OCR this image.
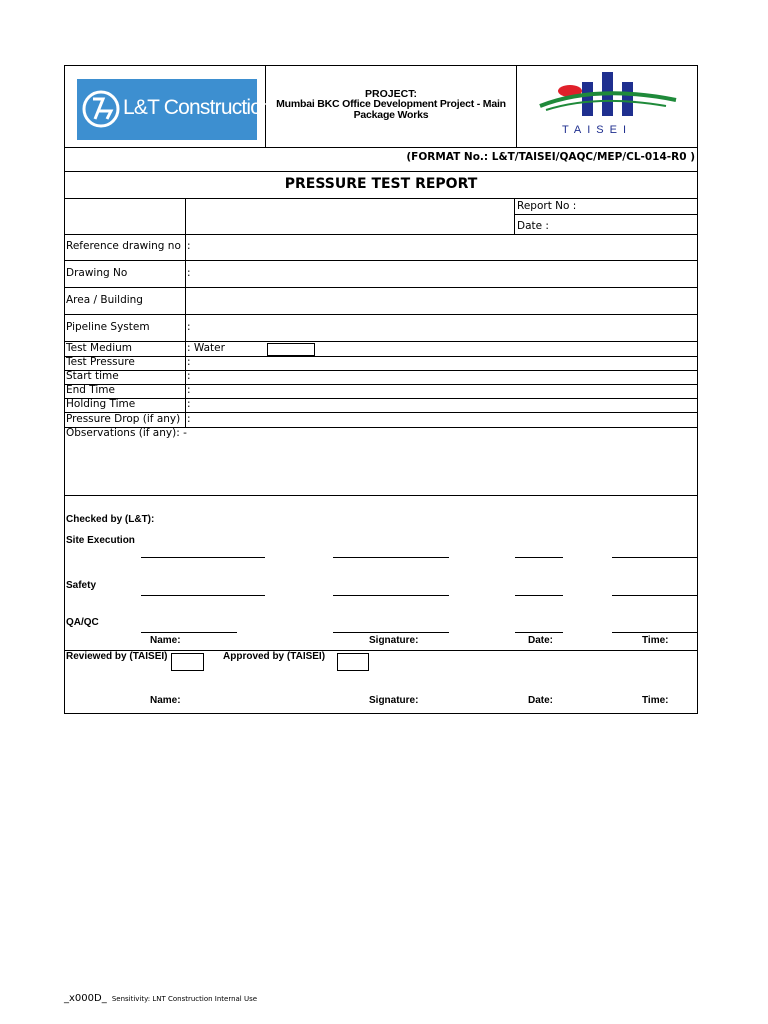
L&T Construction
PROJECT:
Mumbai BKC Office Development Project - Main Package Works
TAISEI
(FORMAT No.: L&T/TAISEI/QAQC/MEP/CL-014-R0 )
PRESSURE TEST REPORT
Report No :
Date :
Reference drawing no :
Drawing No	:
Area / Building
Pipeline System	:
Test Medium	: Water
Test Pressure	:
Start time	:
End Time	:
Holding Time	:
Pressure Drop (if any) :
Observations (if any): -
Checked by (L&T):
Site Execution
Safety
QA/QC
Name:	Signature:	Date:	Time:
Reviewed by (TAISEI)	Approved by (TAISEI)
Name:	Signature:	Date:	Time:
_x000D_ Sensitivity: LNT Construction Internal Use
